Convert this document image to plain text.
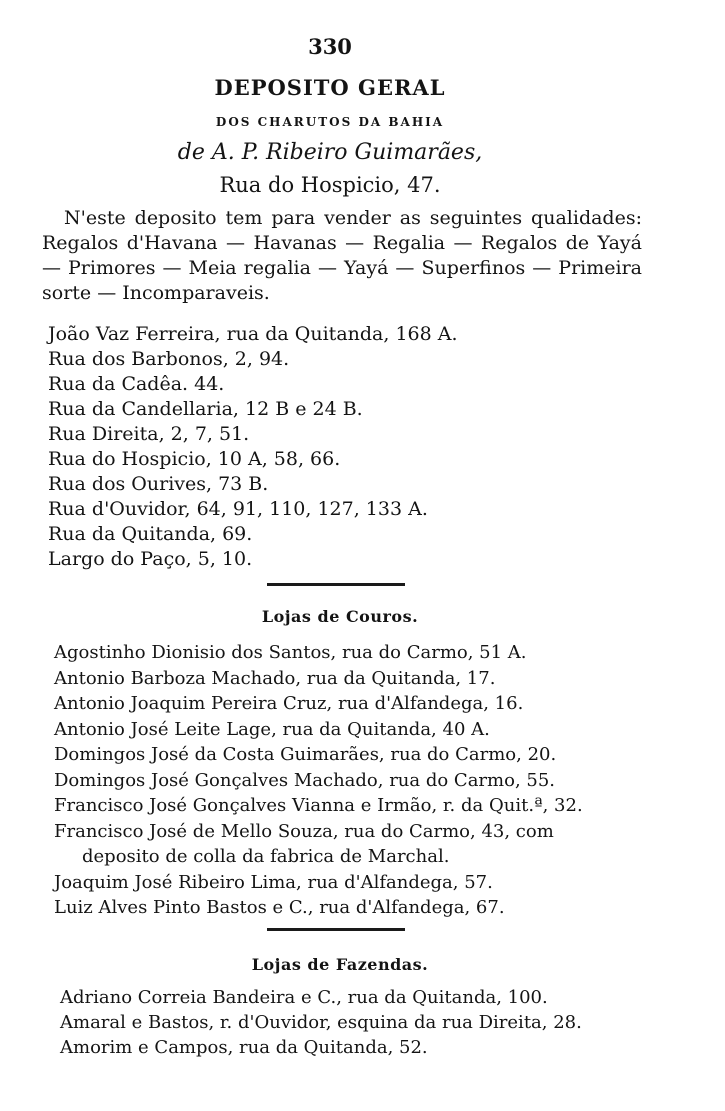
330
DEPOSITO GERAL
DOS CHARUTOS DA BAHIA
de A. P. Ribeiro Guimarães,
Rua do Hospicio, 47.
N'este deposito tem para vender as seguintes qualidades: Regalos d'Havana — Havanas — Regalia — Regalos de Yayá — Primores — Meia regalia — Yayá — Superfinos — Primeira sorte — Incomparaveis.
João Vaz Ferreira, rua da Quitanda, 168 A.
Rua dos Barbonos, 2, 94.
Rua da Cadêa. 44.
Rua da Candellaria, 12 B e 24 B.
Rua Direita, 2, 7, 51.
Rua do Hospicio, 10 A, 58, 66.
Rua dos Ourives, 73 B.
Rua d'Ouvidor, 64, 91, 110, 127, 133 A.
Rua da Quitanda, 69.
Largo do Paço, 5, 10.
Lojas de Couros.
Agostinho Dionisio dos Santos, rua do Carmo, 51 A.
Antonio Barboza Machado, rua da Quitanda, 17.
Antonio Joaquim Pereira Cruz, rua d'Alfandega, 16.
Antonio José Leite Lage, rua da Quitanda, 40 A.
Domingos José da Costa Guimarães, rua do Carmo, 20.
Domingos José Gonçalves Machado, rua do Carmo, 55.
Francisco José Gonçalves Vianna e Irmão, r. da Quit.ª, 32.
Francisco José de Mello Souza, rua do Carmo, 43, com
deposito de colla da fabrica de Marchal.
Joaquim José Ribeiro Lima, rua d'Alfandega, 57.
Luiz Alves Pinto Bastos e C., rua d'Alfandega, 67.
Lojas de Fazendas.
Adriano Correia Bandeira e C., rua da Quitanda, 100.
Amaral e Bastos, r. d'Ouvidor, esquina da rua Direita, 28.
Amorim e Campos, rua da Quitanda, 52.
